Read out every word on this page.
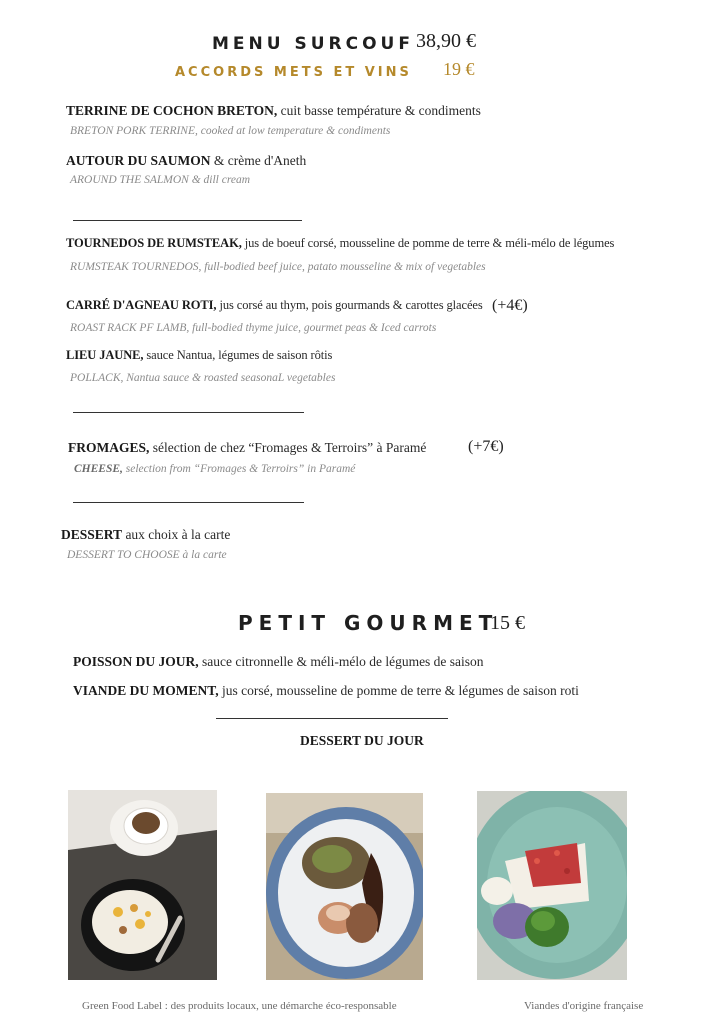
MENU SURCOUF 38,90 €
ACCORDS METS ET VINS 19 €
TERRINE DE COCHON BRETON, cuit basse température & condiments
BRETON PORK TERRINE, cooked at low temperature & condiments
AUTOUR DU SAUMON & crème d'Aneth
AROUND THE SALMON & dill cream
TOURNEDOS DE RUMSTEAK, jus de boeuf corsé, mousseline de pomme de terre & méli-mélo de légumes
RUMSTEAK TOURNEDOS, full-bodied beef juice, patato mousseline & mix of vegetables
CARRÉ D'AGNEAU ROTI, jus corsé au thym, pois gourmands & carottes glacées (+4€)
ROAST RACK PF LAMB, full-bodied thyme juice, gourmet peas & Iced carrots
LIEU JAUNE, sauce Nantua, légumes de saison rôtis
POLLACK, Nantua sauce & roasted seasonaL vegetables
FROMAGES, sélection de chez “Fromages & Terroirs” à Paramé	(+7€)
CHEESE, selection from “Fromages & Terroirs” in Paramé
DESSERT aux choix à la carte
DESSERT TO CHOOSE à la carte
PETIT GOURMET
15 €
POISSON DU JOUR, sauce citronnelle & méli-mélo de légumes de saison
VIANDE DU MOMENT, jus corsé, mousseline de pomme de terre & légumes de saison roti
DESSERT DU JOUR
Green Food Label : des produits locaux, une démarche éco-responsable	Viandes d'origine française
